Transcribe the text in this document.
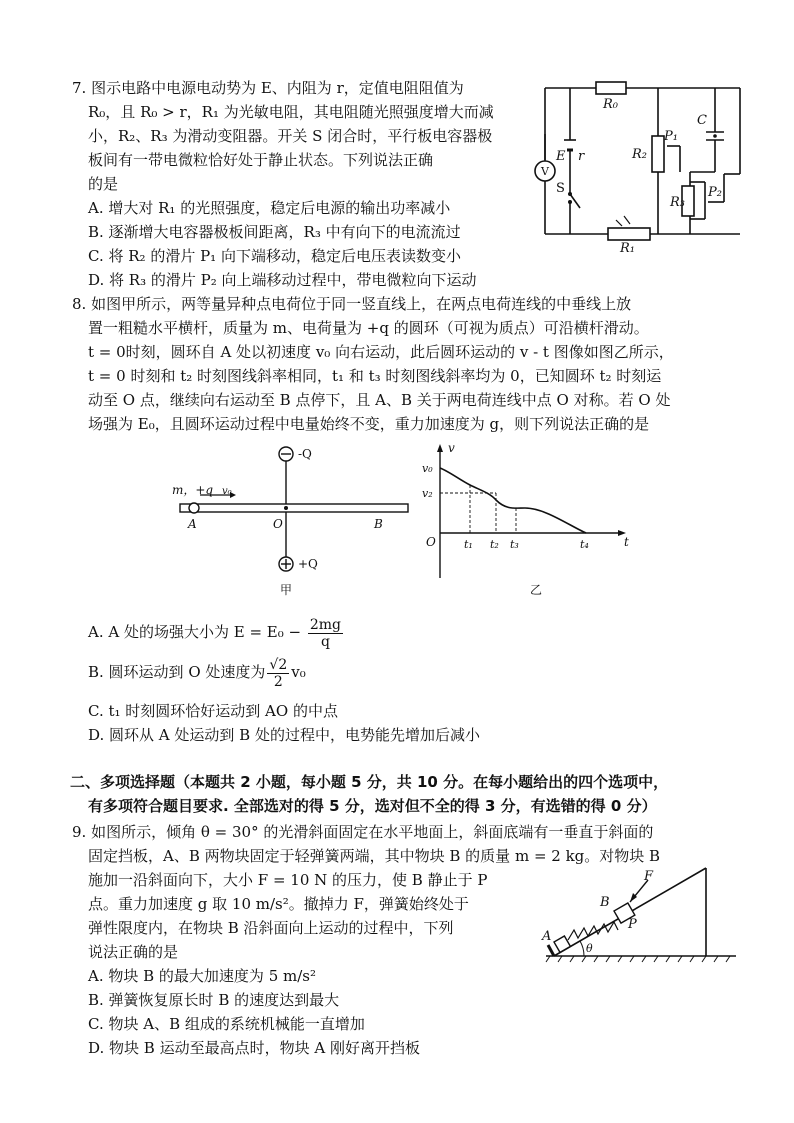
7. 图示电路中电源电动势为 E、内阻为 r，定值电阻阻值为
R₀，且 R₀ > r，R₁ 为光敏电阻，其电阻随光照强度增大而减
小，R₂、R₃ 为滑动变阻器。开关 S 闭合时，平行板电容器极
板间有一带电微粒恰好处于静止状态。下列说法正确
的是
A. 增大对 R₁ 的光照强度，稳定后电源的输出功率减小
B. 逐渐增大电容器极板间距离，R₃ 中有向下的电流流过
C. 将 R₂ 的滑片 P₁ 向下端移动，稳定后电压表读数变小
D. 将 R₃ 的滑片 P₂ 向上端移动过程中，带电微粒向下运动
R₀
R₁
R₂
R₃
P₁
P₂
C
E r
S
V
8. 如图甲所示，两等量异种点电荷位于同一竖直线上，在两点电荷连线的中垂线上放
置一粗糙水平横杆，质量为 m、电荷量为 +q 的圆环（可视为质点）可沿横杆滑动。
t = 0时刻，圆环自 A 处以初速度 v₀ 向右运动，此后圆环运动的 v - t 图像如图乙所示，
t = 0 时刻和 t₂ 时刻图线斜率相同，t₁ 和 t₃ 时刻图线斜率均为 0，已知圆环 t₂ 时刻运
动至 O 点，继续向右运动至 B 点停下，且 A、B 关于两电荷连线中点 O 对称。若 O 处
场强为 E₀，且圆环运动过程中电量始终不变，重力加速度为 g，则下列说法正确的是
-Q
+Q
m，+q v₀
A	O	B
甲
v
t
v₀
v₂
O	t₁ t₂ t₃	t₄
乙
A. A 处的场强大小为 $E = E_0 - \frac{2mg}{q}$
B. 圆环运动到 O 处速度为 $\frac{√2}{2} v_0$
C. t₁ 时刻圆环恰好运动到 AO 的中点
D. 圆环从 A 处运动到 B 处的过程中，电势能先增加后减小
二、多项选择题（本题共 2 小题，每小题 5 分，共 10 分。在每小题给出的四个选项中，
有多项符合题目要求. 全部选对的得 5 分，选对但不全的得 3 分，有选错的得 0 分）
9. 如图所示，倾角 θ = 30° 的光滑斜面固定在水平地面上，斜面底端有一垂直于斜面的
固定挡板，A、B 两物块固定于轻弹簧两端，其中物块 B 的质量 m = 2 kg。对物块 B
施加一沿斜面向下，大小 F = 10 N 的压力，使 B 静止于 P
点。重力加速度 g 取 10 m/s²。撤掉力 F，弹簧始终处于
弹性限度内，在物块 B 沿斜面向上运动的过程中，下列
说法正确的是
A. 物块 B 的最大加速度为 5 m/s²
B. 弹簧恢复原长时 B 的速度达到最大
C. 物块 A、B 组成的系统机械能一直增加
D. 物块 B 运动至最高点时，物块 A 刚好离开挡板
F
B
P
A
θ
